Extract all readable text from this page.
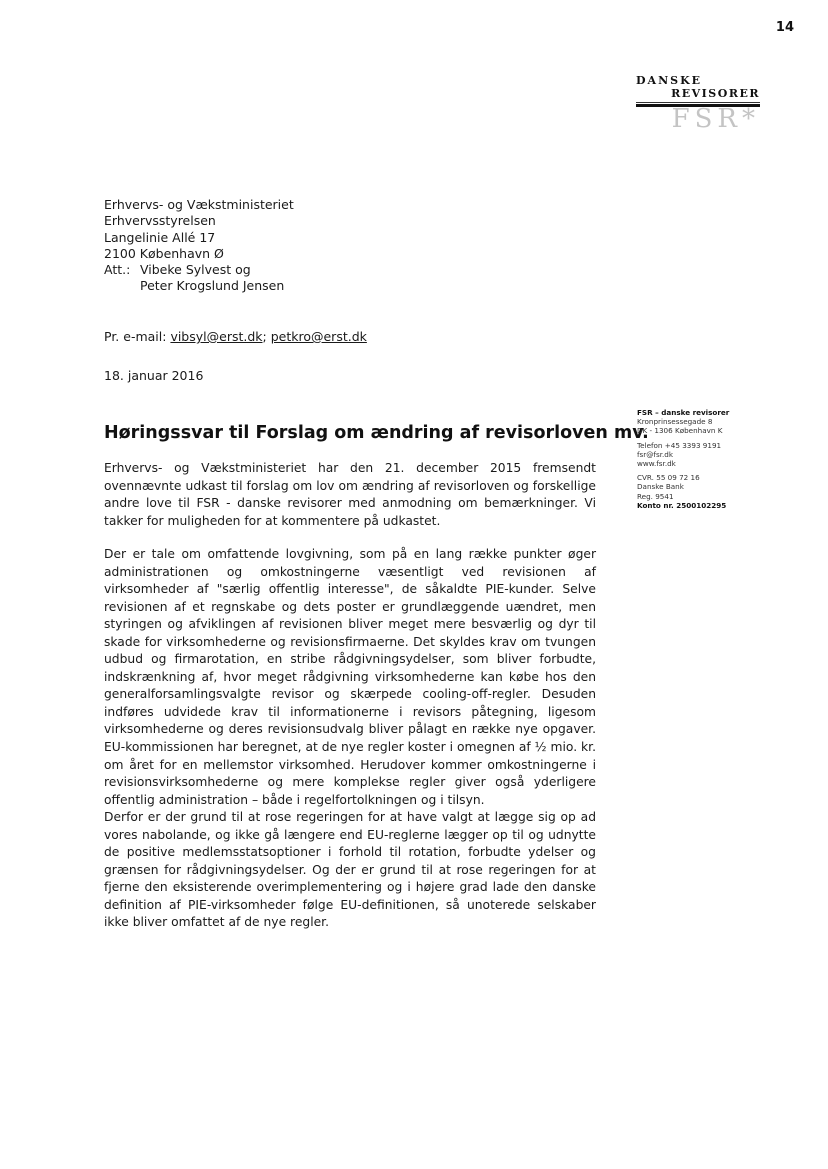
14
DANSKE
REVISORER
FSR*
Erhvervs- og Vækstministeriet
Erhvervsstyrelsen
Langelinie Allé 17
2100 København Ø
Att.: Vibeke Sylvest og
Peter Krogslund Jensen
Pr. e-mail: vibsyl@erst.dk; petkro@erst.dk
18. januar 2016
Høringssvar til Forslag om ændring af revisorloven mv.
Erhvervs- og Vækstministeriet har den 21. december 2015 fremsendt ovennævnte udkast til forslag om lov om ændring af revisorloven og forskellige andre love til FSR - danske revisorer med anmodning om bemærkninger. Vi takker for muligheden for at kommentere på udkastet.
Der er tale om omfattende lovgivning, som på en lang række punkter øger administrationen og omkostningerne væsentligt ved revisionen af virksomheder af "særlig offentlig interesse", de såkaldte PIE-kunder. Selve revisionen af et regnskabe og dets poster er grundlæggende uændret, men styringen og afviklingen af revisionen bliver meget mere besværlig og dyr til skade for virksomhederne og revisionsfirmaerne. Det skyldes krav om tvungen udbud og firmarotation, en stribe rådgivningsydelser, som bliver forbudte, indskrænkning af, hvor meget rådgivning virksomhederne kan købe hos den generalforsamlingsvalgte revisor og skærpede cooling-off-regler. Desuden indføres udvidede krav til informationerne i revisors påtegning, ligesom virksomhederne og deres revisionsudvalg bliver pålagt en række nye opgaver. EU-kommissionen har beregnet, at de nye regler koster i omegnen af ½ mio. kr. om året for en mellemstor virksomhed. Herudover kommer omkostningerne i revisionsvirksomhederne og mere komplekse regler giver også yderligere offentlig administration – både i regelfortolkningen og i tilsyn.
Derfor er der grund til at rose regeringen for at have valgt at lægge sig op ad vores nabolande, og ikke gå længere end EU-reglerne lægger op til og udnytte de positive medlemsstatsoptioner i forhold til rotation, forbudte ydelser og grænsen for rådgivningsydelser. Og der er grund til at rose regeringen for at fjerne den eksisterende overimplementering og i højere grad lade den danske definition af PIE-virksomheder følge EU-definitionen, så unoterede selskaber ikke bliver omfattet af de nye regler.
FSR – danske revisorer
Kronprinsessegade 8
DK - 1306 København K
Telefon +45 3393 9191
fsr@fsr.dk
www.fsr.dk
CVR. 55 09 72 16
Danske Bank
Reg. 9541
Konto nr. 2500102295
